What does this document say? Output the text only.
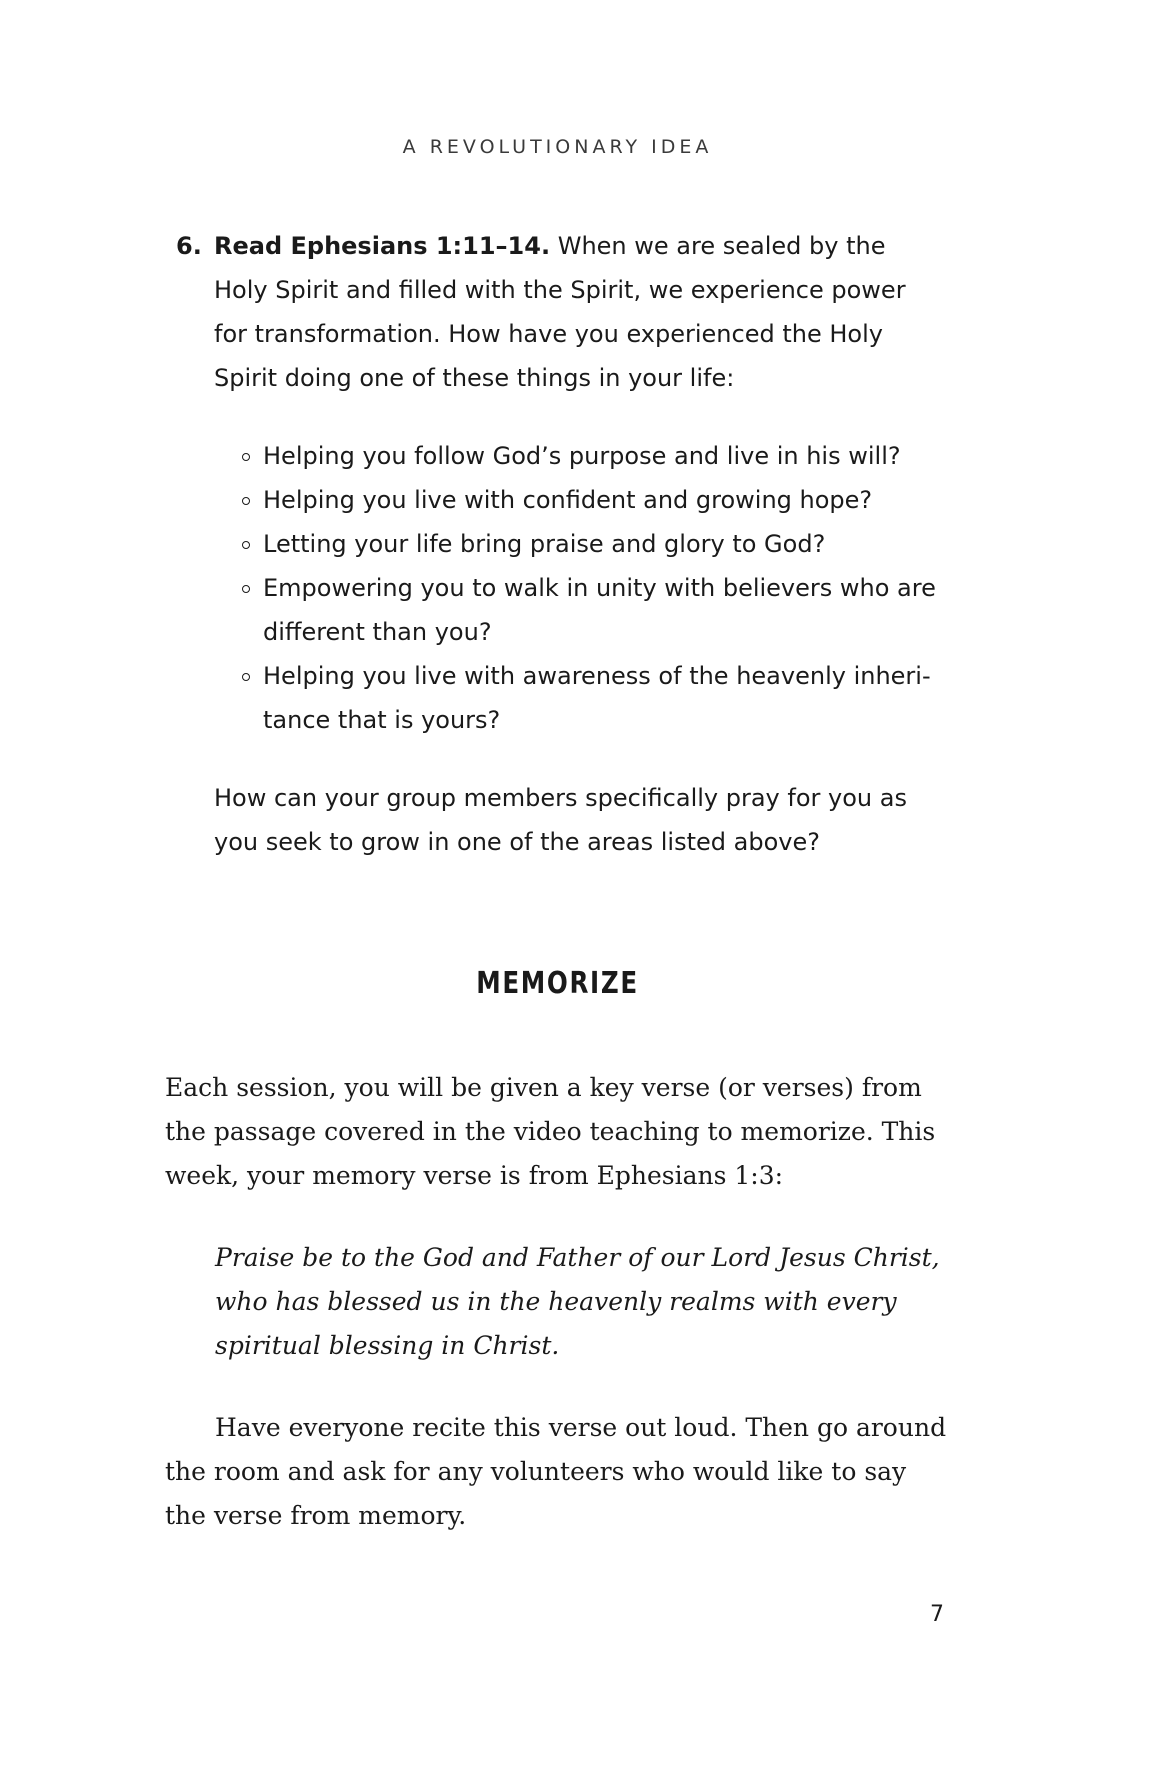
A REVOLUTIONARY IDEA
6. Read Ephesians 1:11–14. When we are sealed by the Holy Spirit and filled with the Spirit, we experience power for transformation. How have you experienced the Holy Spirit doing one of these things in your life:
Helping you follow God’s purpose and live in his will?
Helping you live with confident and growing hope?
Letting your life bring praise and glory to God?
Empowering you to walk in unity with believers who are different than you?
Helping you live with awareness of the heavenly inheri-tance that is yours?
How can your group members specifically pray for you as you seek to grow in one of the areas listed above?
MEMORIZE

Each session, you will be given a key verse (or verses) from the passage covered in the video teaching to memorize. This week, your memory verse is from Ephesians 1:3:

Praise be to the God and Father of our Lord Jesus Christ, who has blessed us in the heavenly realms with every spiritual blessing in Christ.

Have everyone recite this verse out loud. Then go around the room and ask for any volunteers who would like to say the verse from memory.

7
